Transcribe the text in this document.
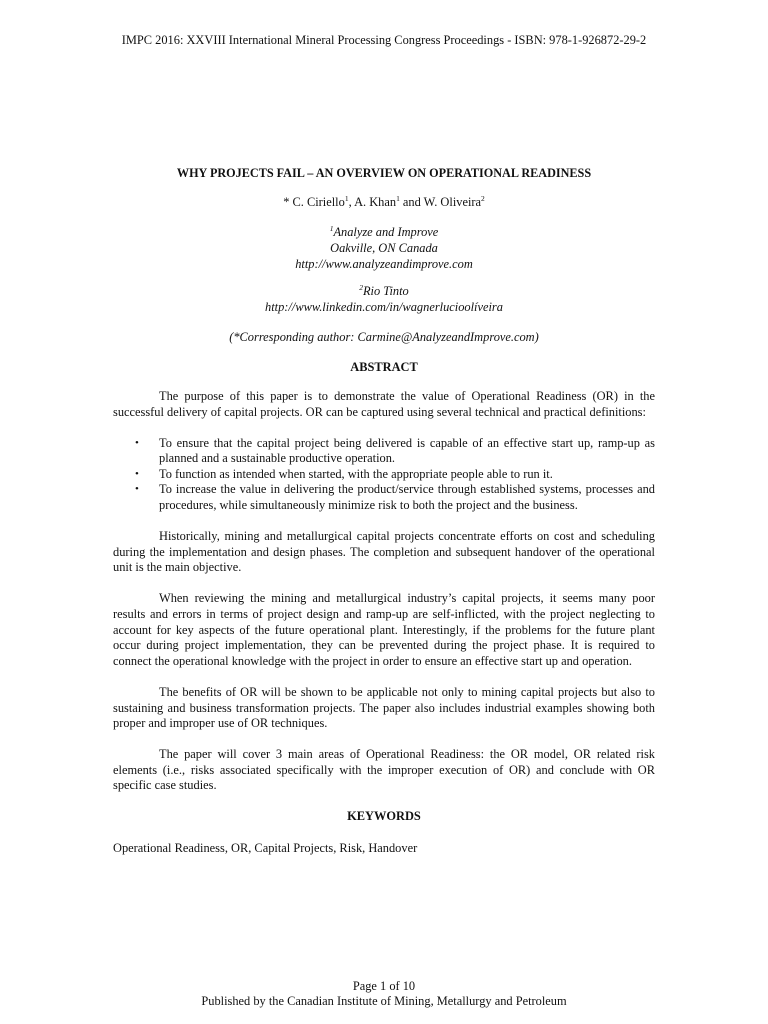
IMPC 2016: XXVIII International Mineral Processing Congress Proceedings - ISBN: 978-1-926872-29-2
WHY PROJECTS FAIL – AN OVERVIEW ON OPERATIONAL READINESS
* C. Ciriello$^1$, A. Khan$^1$ and W. Oliveira$^2$
$^1$Analyze and Improve
Oakville, ON Canada
http://www.analyzeandimprove.com
$^2$Rio Tinto
http://www.linkedin.com/in/wagnerlucioolíveira
(*Corresponding author: Carmine@AnalyzeandImprove.com)
ABSTRACT

The purpose of this paper is to demonstrate the value of Operational Readiness (OR) in the successful delivery of capital projects. OR can be captured using several technical and practical definitions:

• To ensure that the capital project being delivered is capable of an effective start up, ramp-up as planned and a sustainable productive operation.
• To function as intended when started, with the appropriate people able to run it.
• To increase the value in delivering the product/service through established systems, processes and procedures, while simultaneously minimize risk to both the project and the business.

Historically, mining and metallurgical capital projects concentrate efforts on cost and scheduling during the implementation and design phases. The completion and subsequent handover of the operational unit is the main objective.

When reviewing the mining and metallurgical industry’s capital projects, it seems many poor results and errors in terms of project design and ramp-up are self-inflicted, with the project neglecting to account for key aspects of the future operational plant. Interestingly, if the problems for the future plant occur during project implementation, they can be prevented during the project phase. It is required to connect the operational knowledge with the project in order to ensure an effective start up and operation.

The benefits of OR will be shown to be applicable not only to mining capital projects but also to sustaining and business transformation projects. The paper also includes industrial examples showing both proper and improper use of OR techniques.

The paper will cover 3 main areas of Operational Readiness: the OR model, OR related risk elements (i.e., risks associated specifically with the improper execution of OR) and conclude with OR specific case studies.

KEYWORDS

Operational Readiness, OR, Capital Projects, Risk, Handover

Page 1 of 10
Published by the Canadian Institute of Mining, Metallurgy and Petroleum
